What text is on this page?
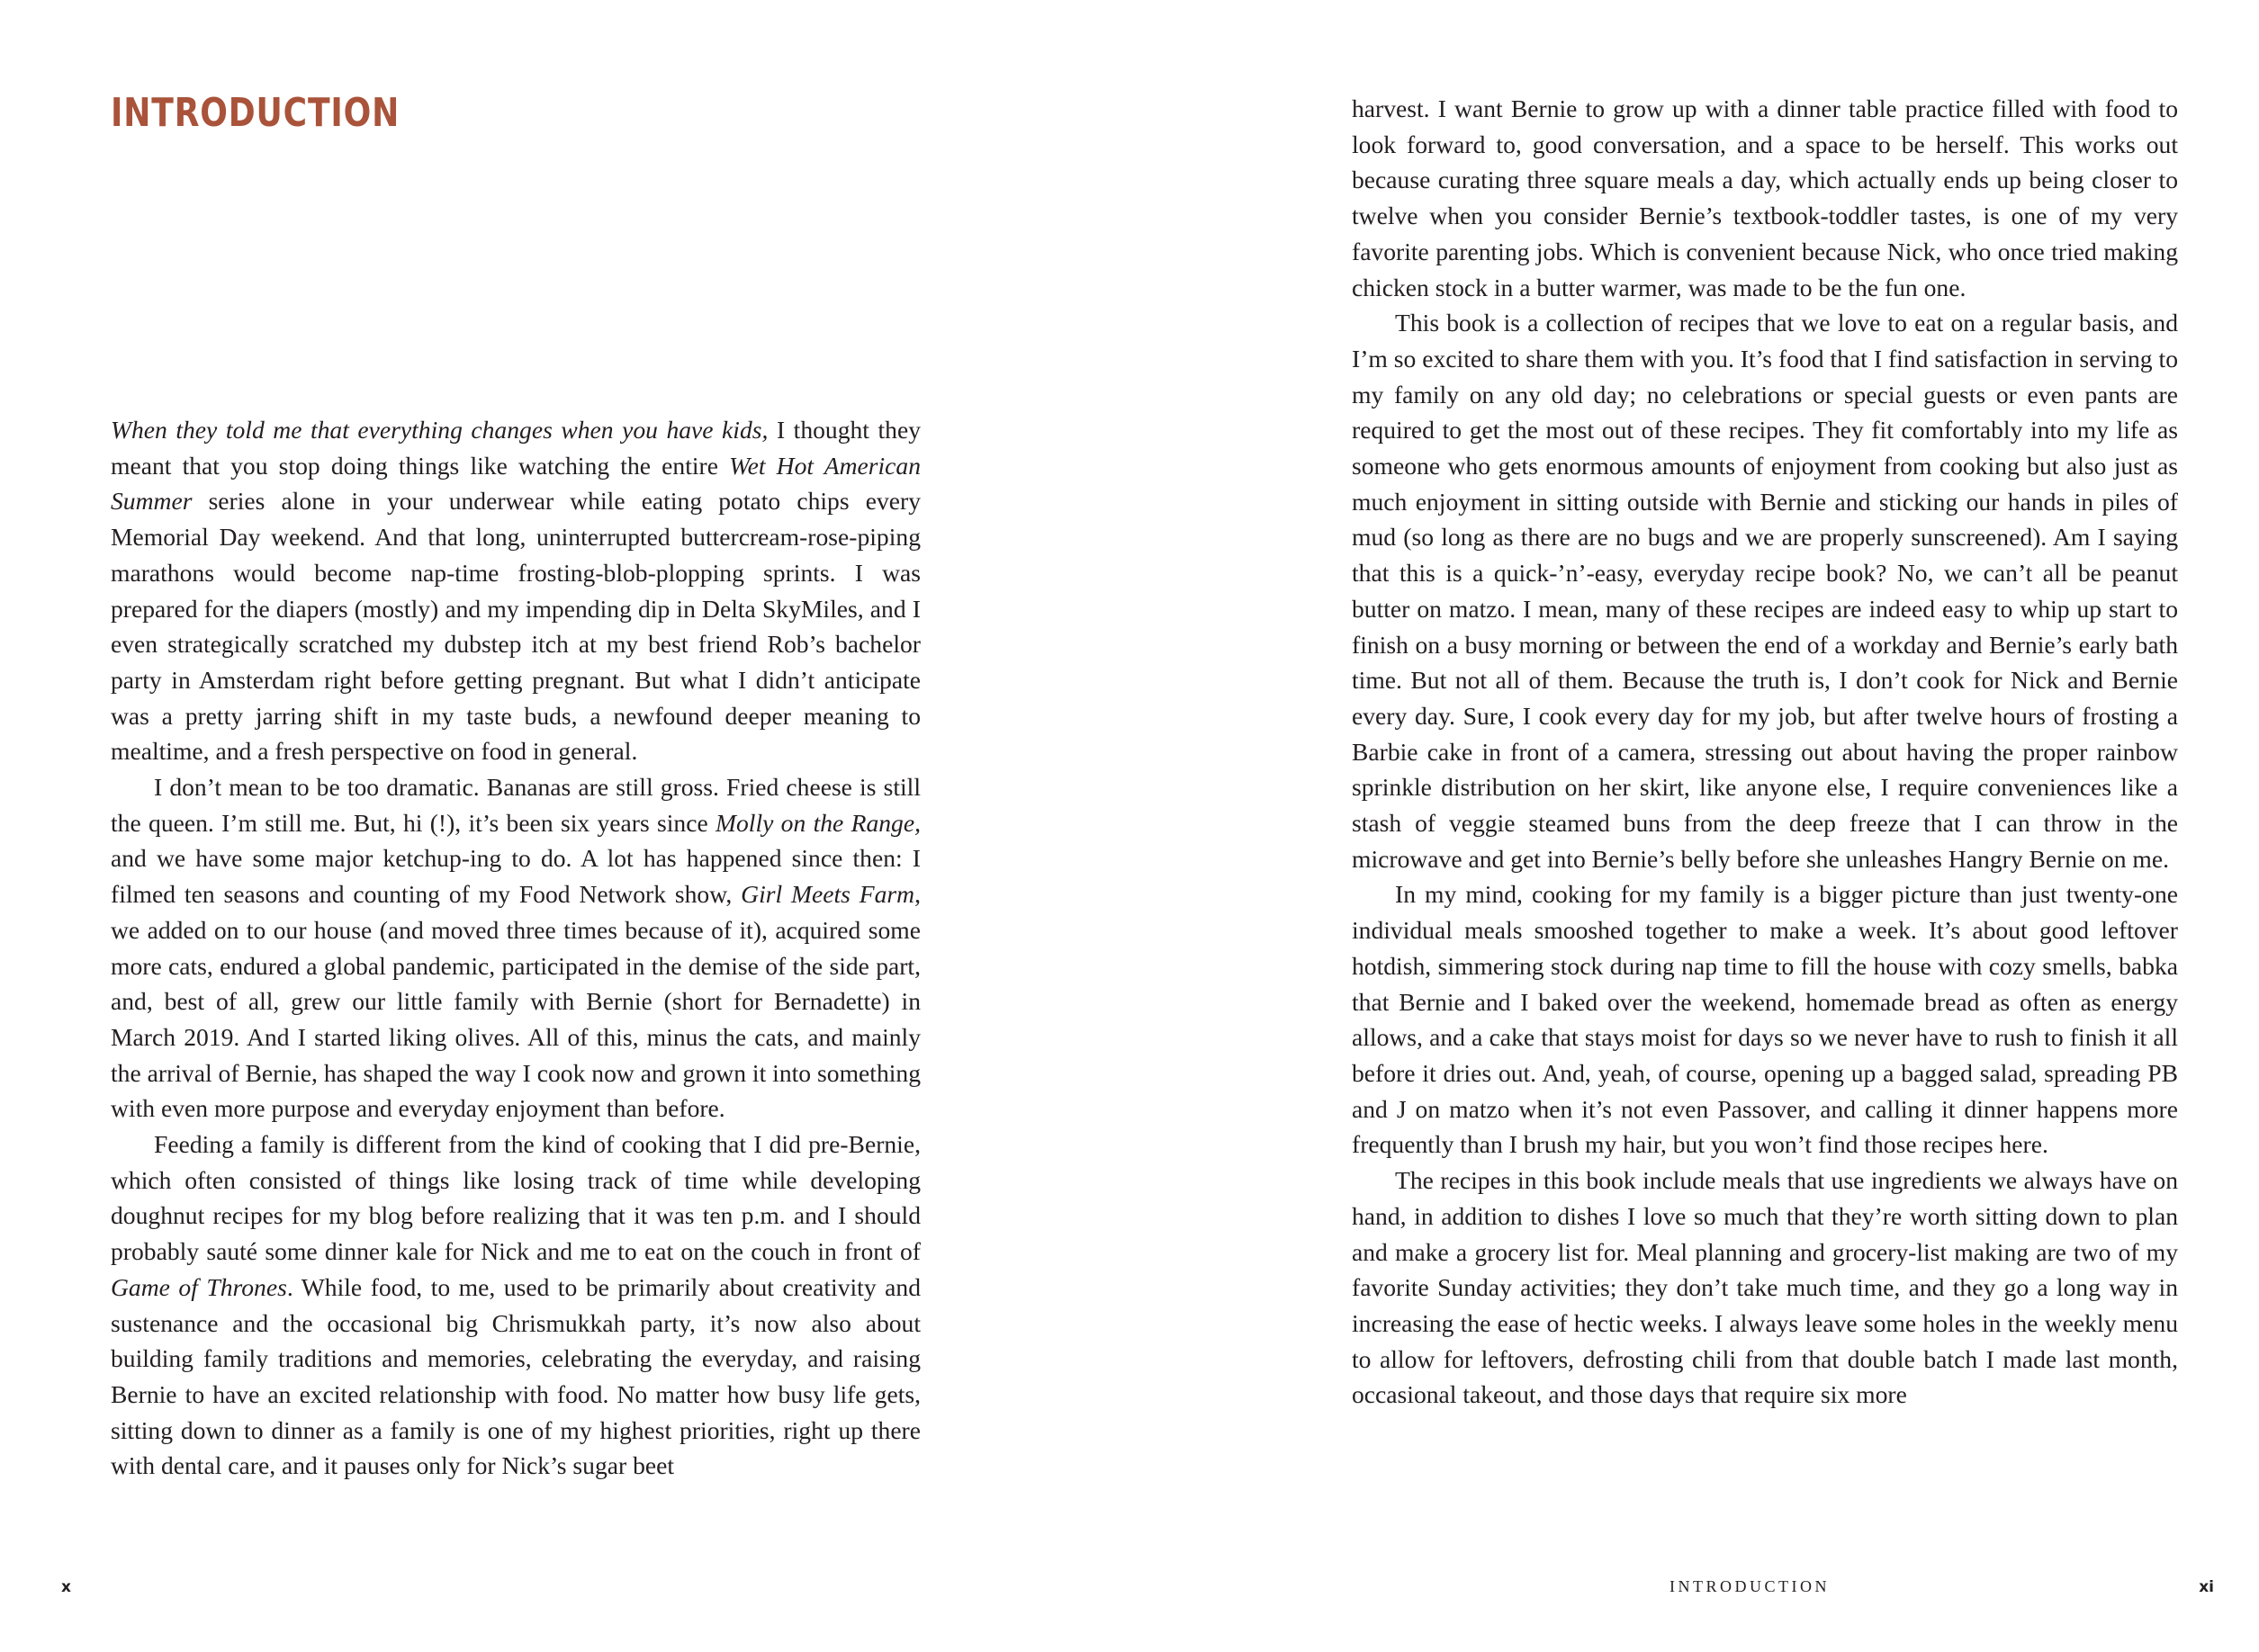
INTRODUCTION

When they told me that everything changes when you have kids, I thought they meant that you stop doing things like watching the entire Wet Hot American Summer series alone in your underwear while eating potato chips every Memorial Day weekend. And that long, uninterrupted buttercream-rose-piping marathons would become nap-time frosting-blob-plopping sprints. I was prepared for the diapers (mostly) and my impending dip in Delta SkyMiles, and I even strategically scratched my dubstep itch at my best friend Rob’s bachelor party in Amsterdam right before getting pregnant. But what I didn’t anticipate was a pretty jarring shift in my taste buds, a newfound deeper meaning to mealtime, and a fresh perspective on food in general.

I don’t mean to be too dramatic. Bananas are still gross. Fried cheese is still the queen. I’m still me. But, hi (!), it’s been six years since Molly on the Range, and we have some major ketchup-ing to do. A lot has happened since then: I filmed ten seasons and counting of my Food Network show, Girl Meets Farm, we added on to our house (and moved three times because of it), acquired some more cats, endured a global pandemic, participated in the demise of the side part, and, best of all, grew our little family with Bernie (short for Bernadette) in March 2019. And I started liking olives. All of this, minus the cats, and mainly the arrival of Bernie, has shaped the way I cook now and grown it into something with even more purpose and everyday enjoyment than before.

Feeding a family is different from the kind of cooking that I did pre-Bernie, which often consisted of things like losing track of time while developing doughnut recipes for my blog before realizing that it was ten p.m. and I should probably sauté some dinner kale for Nick and me to eat on the couch in front of Game of Thrones. While food, to me, used to be primarily about creativity and sustenance and the occasional big Chrismukkah party, it’s now also about building family traditions and memories, celebrating the everyday, and raising Bernie to have an excited relationship with food. No matter how busy life gets, sitting down to dinner as a family is one of my highest priorities, right up there with dental care, and it pauses only for Nick’s sugar beet

x

harvest. I want Bernie to grow up with a dinner table practice filled with food to look forward to, good conversation, and a space to be herself. This works out because curating three square meals a day, which actually ends up being closer to twelve when you consider Bernie’s textbook-toddler tastes, is one of my very favorite parenting jobs. Which is convenient because Nick, who once tried making chicken stock in a butter warmer, was made to be the fun one.

This book is a collection of recipes that we love to eat on a regular basis, and I’m so excited to share them with you. It’s food that I find satisfaction in serving to my family on any old day; no celebrations or special guests or even pants are required to get the most out of these recipes. They fit comfortably into my life as someone who gets enormous amounts of enjoyment from cooking but also just as much enjoyment in sitting outside with Bernie and sticking our hands in piles of mud (so long as there are no bugs and we are properly sunscreened). Am I saying that this is a quick-’n’-easy, everyday recipe book? No, we can’t all be peanut butter on matzo. I mean, many of these recipes are indeed easy to whip up start to finish on a busy morning or between the end of a workday and Bernie’s early bath time. But not all of them. Because the truth is, I don’t cook for Nick and Bernie every day. Sure, I cook every day for my job, but after twelve hours of frosting a Barbie cake in front of a camera, stressing out about having the proper rainbow sprinkle distribution on her skirt, like anyone else, I require conveniences like a stash of veggie steamed buns from the deep freeze that I can throw in the microwave and get into Bernie’s belly before she unleashes Hangry Bernie on me.

In my mind, cooking for my family is a bigger picture than just twenty-one individual meals smooshed together to make a week. It’s about good leftover hotdish, simmering stock during nap time to fill the house with cozy smells, babka that Bernie and I baked over the weekend, homemade bread as often as energy allows, and a cake that stays moist for days so we never have to rush to finish it all before it dries out. And, yeah, of course, opening up a bagged salad, spreading PB and J on matzo when it’s not even Passover, and calling it dinner happens more frequently than I brush my hair, but you won’t find those recipes here.

The recipes in this book include meals that use ingredients we always have on hand, in addition to dishes I love so much that they’re worth sitting down to plan and make a grocery list for. Meal planning and grocery-list making are two of my favorite Sunday activities; they don’t take much time, and they go a long way in increasing the ease of hectic weeks. I always leave some holes in the weekly menu to allow for leftovers, defrosting chili from that double batch I made last month, occasional takeout, and those days that require six more

INTRODUCTION	xi
